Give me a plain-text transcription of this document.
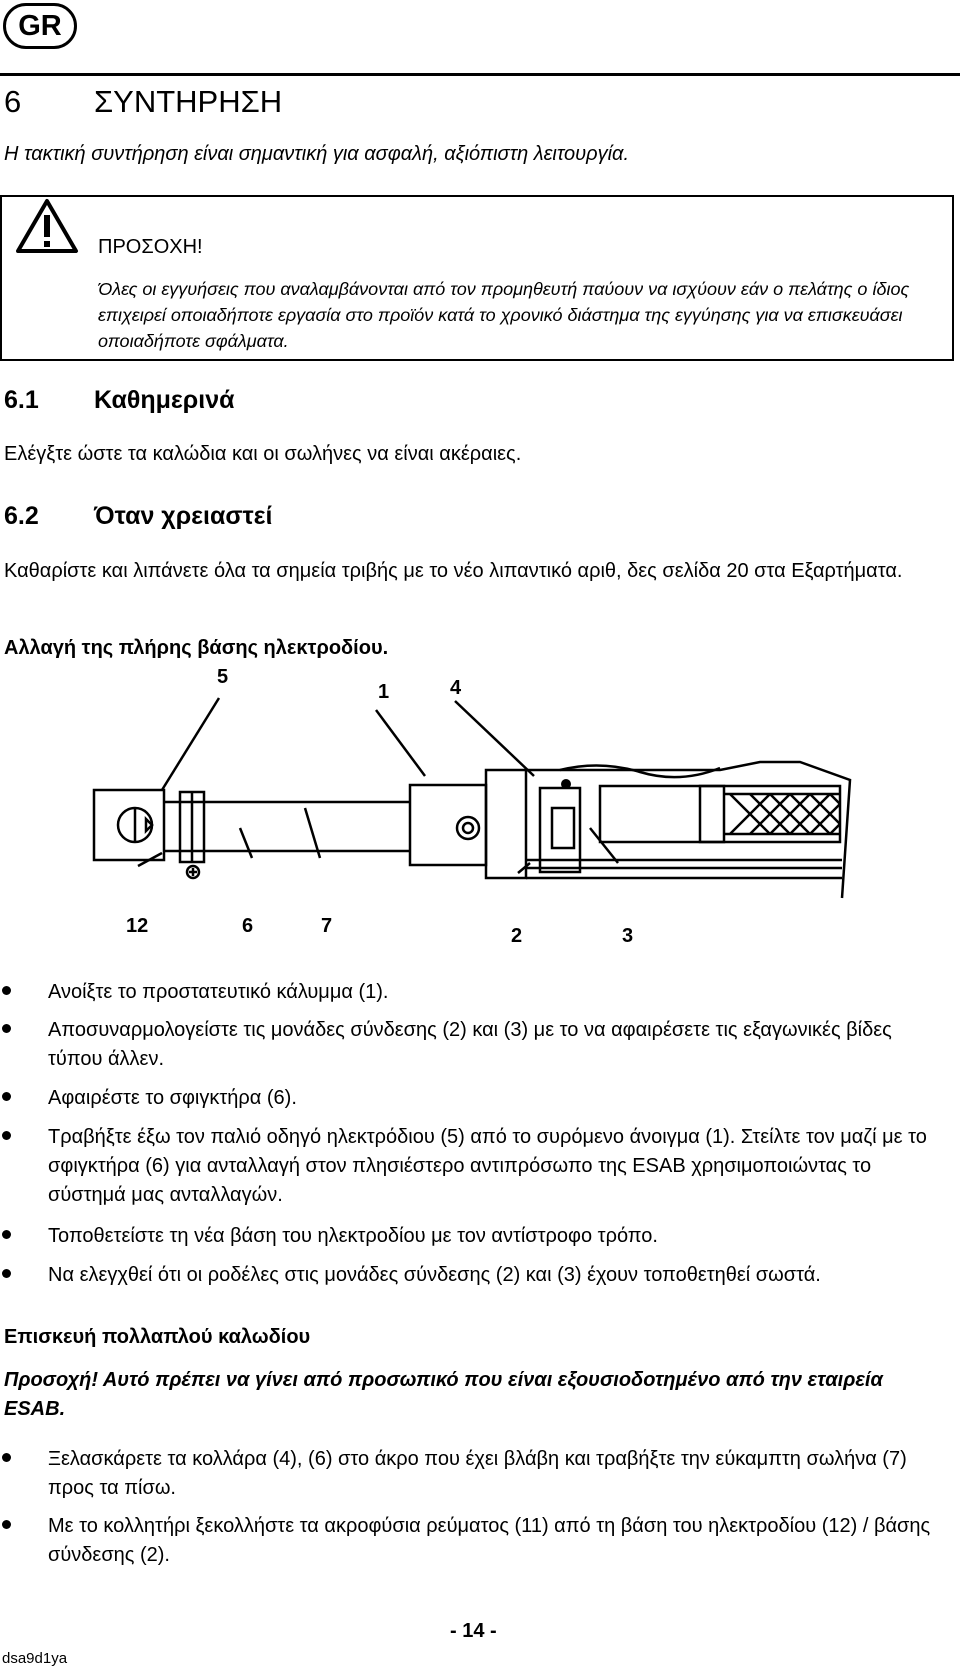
GR
6 ΣΥΝΤΗΡΗΣΗ
Η τακτική συντήρηση είναι σημαντική για ασφαλή, αξιόπιστη λειτουργία.
ΠΡΟΣΟΧΗ!
Όλες οι εγγυήσεις που αναλαμβάνονται από τον προμηθευτή παύουν να ισχύουν εάν ο πελάτης ο ίδιος επιχειρεί οποιαδήποτε εργασία στο προϊόν κατά το χρονικό διάστημα της εγγύησης για να επισκευάσει οποιαδήποτε σφάλματα.
6.1 Καθημερινά
Ελέγξτε ώστε τα καλώδια και οι σωλήνες να είναι ακέραιες.
6.2 Όταν χρειαστεί
Καθαρίστε και λιπάνετε όλα τα σημεία τριβής με το νέο λιπαντικό αριθ, δες σελίδα 20 στα Εξαρτήματα.
Αλλαγή της πλήρης βάσης ηλεκτροδίου.
5
1	4
12	6	7	2	3
Ανοίξτε το προστατευτικό κάλυμμα (1).
Αποσυναρμολογείστε τις μονάδες σύνδεσης (2) και (3) με το να αφαιρέσετε τις εξαγωνικές βίδες τύπου άλλεν.
Αφαιρέστε το σφιγκτήρα (6).
Τραβήξτε έξω τον παλιό οδηγό ηλεκτρόδιου (5) από το συρόμενο άνοιγμα (1). Στείλτε τον μαζί με το σφιγκτήρα (6) για ανταλλαγή στον πλησιέστερο αντιπρόσωπο της ESAB χρησιμοποιώντας το σύστημά μας ανταλλαγών.
Τοποθετείστε τη νέα βάση του ηλεκτροδίου με τον αντίστροφο τρόπο.
Να ελεγχθεί ότι οι ροδέλες στις μονάδες σύνδεσης (2) και (3) έχουν τοποθετηθεί σωστά.
Επισκευή πολλαπλού καλωδίου
Προσοχή! Αυτό πρέπει να γίνει από προσωπικό που είναι εξουσιοδοτημένο από την εταιρεία ESAB.
Ξελασκάρετε τα κολλάρα (4), (6) στο άκρο που έχει βλάβη και τραβήξτε την εύκαμπτη σωλήνα (7) προς τα πίσω.
Με το κολλητήρι ξεκολλήστε τα ακροφύσια ρεύματος (11) από τη βάση του ηλεκτροδίου (12) / βάσης σύνδεσης (2).
- 14 -
dsa9d1ya
